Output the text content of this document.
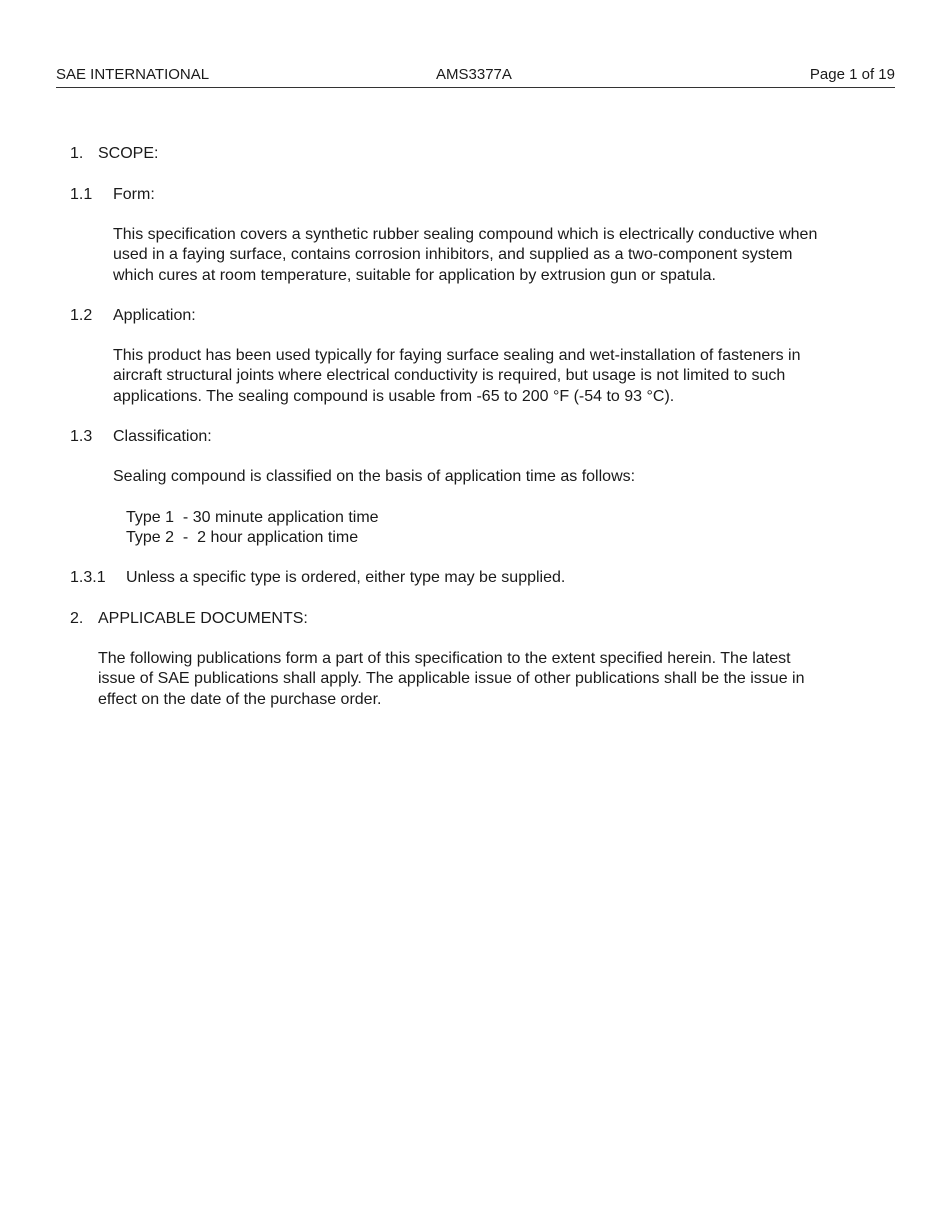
SAE INTERNATIONAL	AMS3377A	Page 1 of 19
1. SCOPE:
1.1 Form:
This specification covers a synthetic rubber sealing compound which is electrically conductive when
used in a faying surface, contains corrosion inhibitors, and supplied as a two-component system
which cures at room temperature, suitable for application by extrusion gun or spatula.
1.2 Application:
This product has been used typically for faying surface sealing and wet-installation of fasteners in
aircraft structural joints where electrical conductivity is required, but usage is not limited to such
applications. The sealing compound is usable from -65 to 200 °F (-54 to 93 °C).
1.3 Classification:
Sealing compound is classified on the basis of application time as follows:
Type 1  - 30 minute application time
Type 2  -  2 hour application time
1.3.1 Unless a specific type is ordered, either type may be supplied.
2. APPLICABLE DOCUMENTS:
The following publications form a part of this specification to the extent specified herein. The latest
issue of SAE publications shall apply. The applicable issue of other publications shall be the issue in
effect on the date of the purchase order.
